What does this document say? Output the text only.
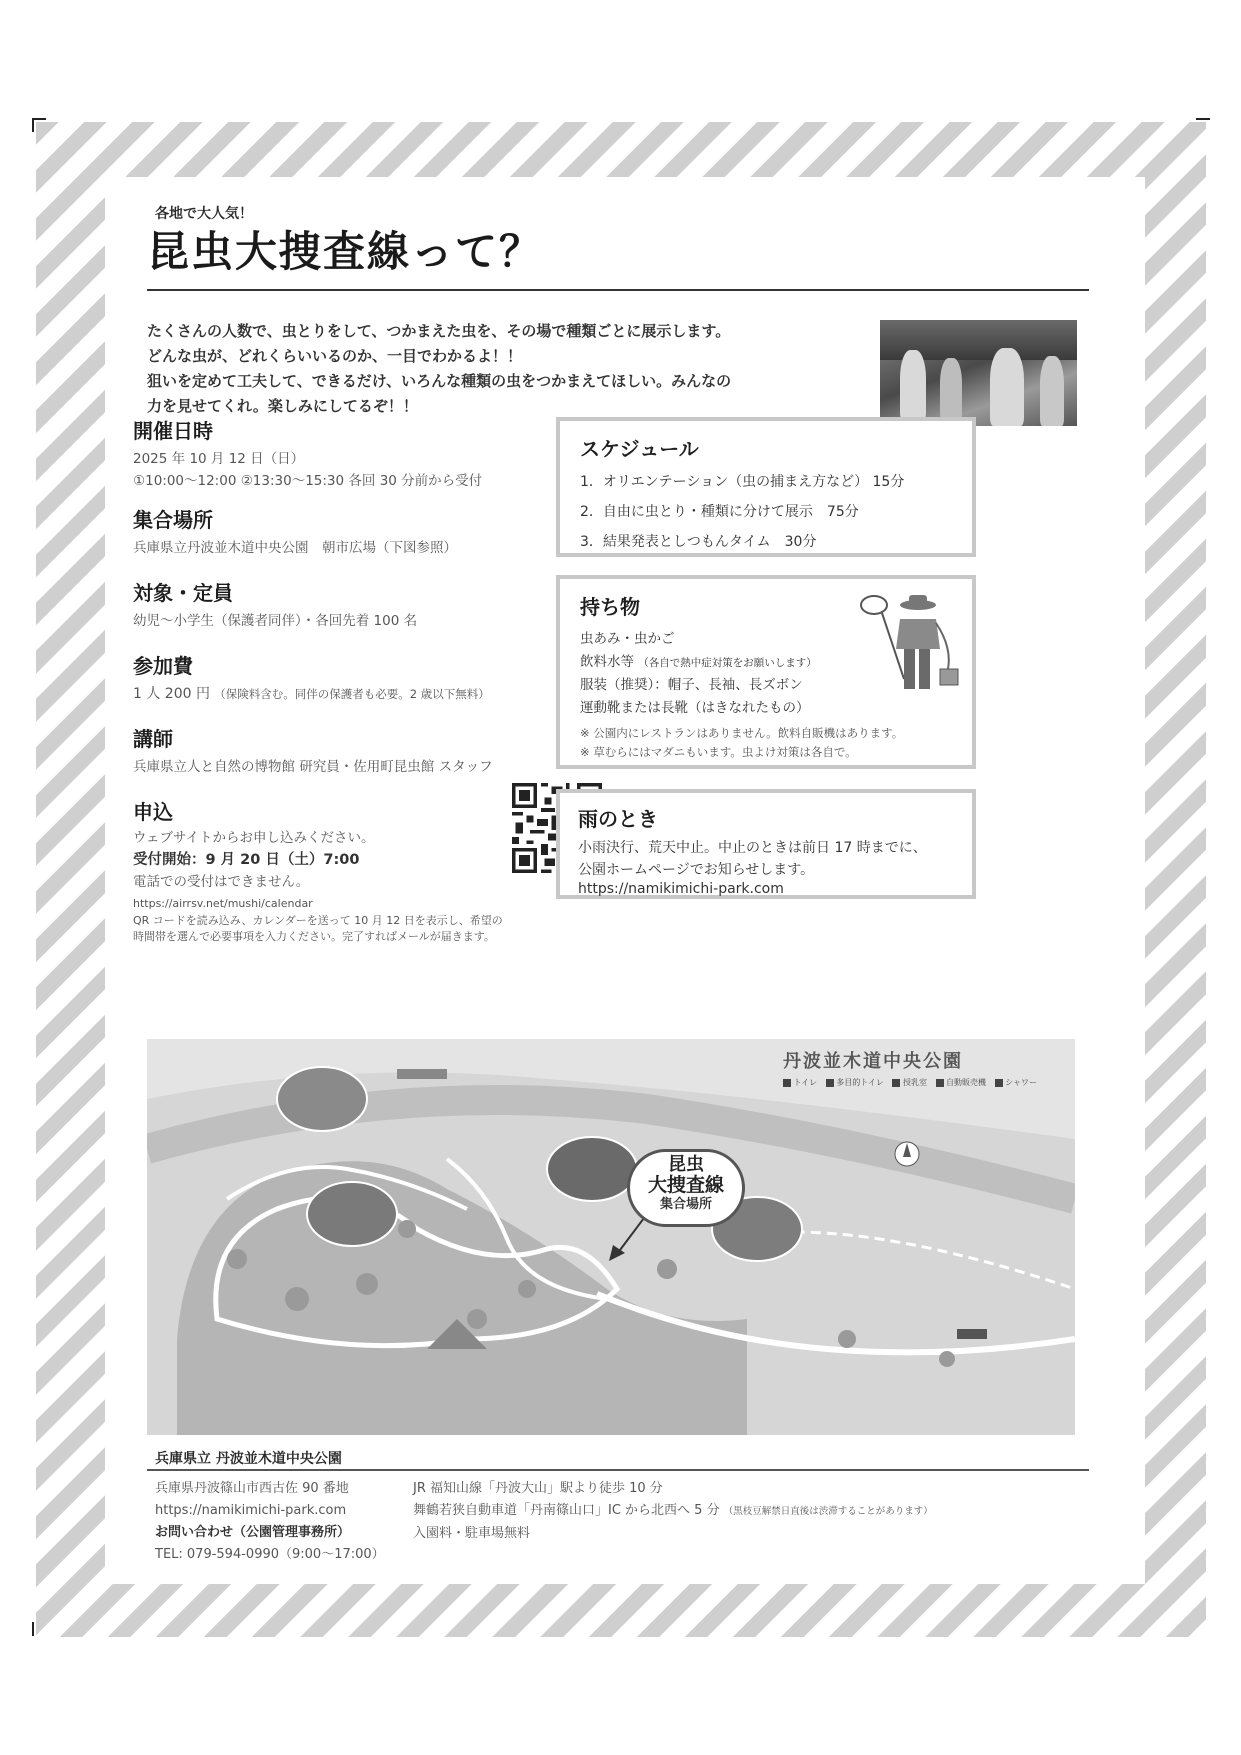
各地で大人気！
昆虫大捜査線って？
たくさんの人数で、虫とりをして、つかまえた虫を、その場で種類ごとに展示します。
どんな虫が、どれくらいいるのか、一目でわかるよ！！
狙いを定めて工夫して、できるだけ、いろんな種類の虫をつかまえてほしい。みんなの
力を見せてくれ。楽しみにしてるぞ！！
開催日時
2025 年 10 月 12 日（日）
①10:00～12:00 ②13:30～15:30 各回 30 分前から受付
集合場所
兵庫県立丹波並木道中央公園　朝市広場（下図参照）
対象・定員
幼児～小学生（保護者同伴）・各回先着 100 名
参加費
1 人 200 円 （保険料含む。同伴の保護者も必要。2 歳以下無料）
講師
兵庫県立人と自然の博物館 研究員・佐用町昆虫館 スタッフ
申込
ウェブサイトからお申し込みください。
受付開始：9 月 20 日（土）7:00
電話での受付はできません。
https://airrsv.net/mushi/calendar
QR コードを読み込み、カレンダーを送って 10 月 12 日を表示し、希望の
時間帯を選んで必要事項を入力ください。完了すればメールが届きます。
スケジュール
1．オリエンテーション（虫の捕まえ方など） 15分
2．自由に虫とり・種類に分けて展示　75分
3．結果発表としつもんタイム　30分
持ち物
虫あみ・虫かご
飲料水等 （各自で熱中症対策をお願いします）
服装（推奨）：帽子、長袖、長ズボン
運動靴または長靴（はきなれたもの）
※ 公園内にレストランはありません。飲料自販機はあります。
※ 草むらにはマダニもいます。虫よけ対策は各自で。
雨のとき
小雨決行、荒天中止。中止のときは前日 17 時までに、
公園ホームページでお知らせします。
https://namikimichi-park.com
丹波並木道中央公園
トイレ 多目的トイレ 授乳室 自動販売機 シャワー
昆虫
大捜査線
集合場所
兵庫県立 丹波並木道中央公園
兵庫県丹波篠山市西古佐 90 番地
https://namikimichi-park.com
お問い合わせ（公園管理事務所）
TEL: 079-594-0990（9:00～17:00）
JR 福知山線「丹波大山」駅より徒歩 10 分
舞鶴若狭自動車道「丹南篠山口」IC から北西へ 5 分 （黒枝豆解禁日直後は渋滞することがあります）
入園料・駐車場無料
